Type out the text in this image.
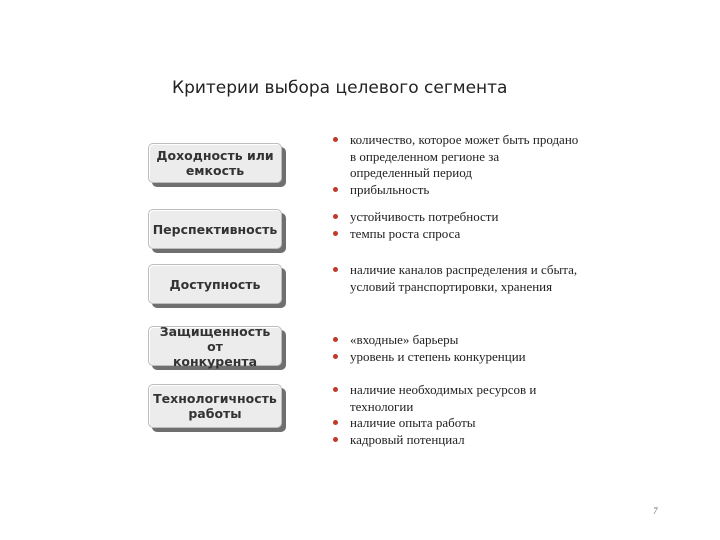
Критерии выбора целевого сегмента
Доходность или
емкость
количество, которое может быть продано в определенном регионе за определенный период
прибыльность
Перспективность
устойчивость потребности
темпы роста спроса
Доступность
наличие каналов распределения и сбыта, условий транспортировки, хранения
Защищенность от
конкурента
«входные» барьеры
уровень и степень конкуренции
Технологичность
работы
наличие необходимых ресурсов и технологии
наличие опыта работы
кадровый потенциал
7
